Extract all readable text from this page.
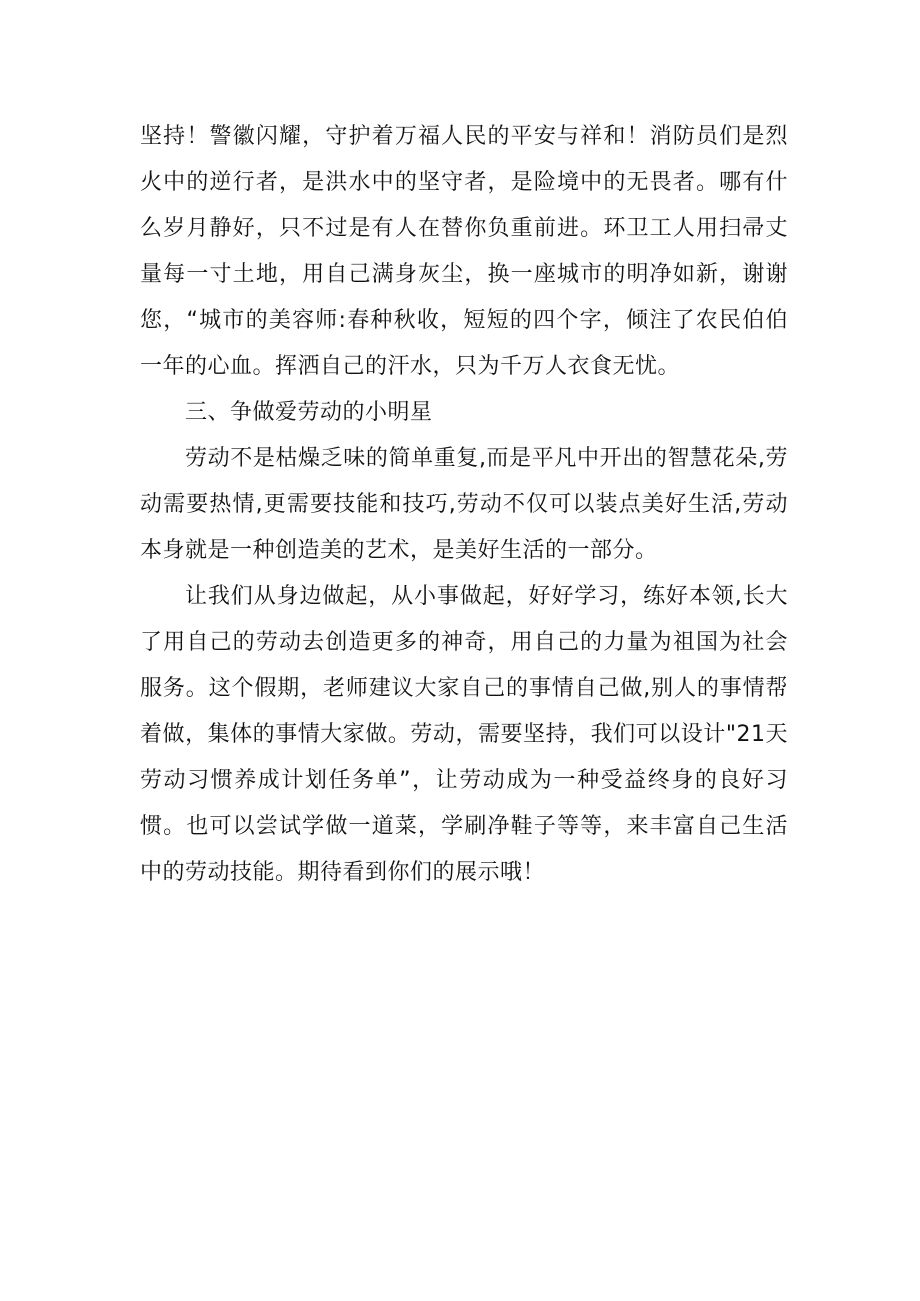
坚持！警徽闪耀，守护着万福人民的平安与祥和！消防员们是烈火中的逆行者，是洪水中的坚守者，是险境中的无畏者。哪有什么岁月静好，只不过是有人在替你负重前进。环卫工人用扫帚丈量每一寸土地，用自己满身灰尘，换一座城市的明净如新，谢谢您，“城市的美容师:春种秋收，短短的四个字，倾注了农民伯伯一年的心血。挥洒自己的汗水，只为千万人衣食无忧。

三、争做爱劳动的小明星

劳动不是枯燥乏味的简单重复,而是平凡中开出的智慧花朵,劳动需要热情,更需要技能和技巧,劳动不仅可以装点美好生活,劳动本身就是一种创造美的艺术，是美好生活的一部分。

让我们从身边做起，从小事做起，好好学习，练好本领,长大了用自己的劳动去创造更多的神奇，用自己的力量为祖国为社会服务。这个假期，老师建议大家自己的事情自己做,别人的事情帮着做，集体的事情大家做。劳动，需要坚持，我们可以设计"21天劳动习惯养成计划任务单”，让劳动成为一种受益终身的良好习惯。也可以尝试学做一道菜，学刷净鞋子等等，来丰富自己生活中的劳动技能。期待看到你们的展示哦！
